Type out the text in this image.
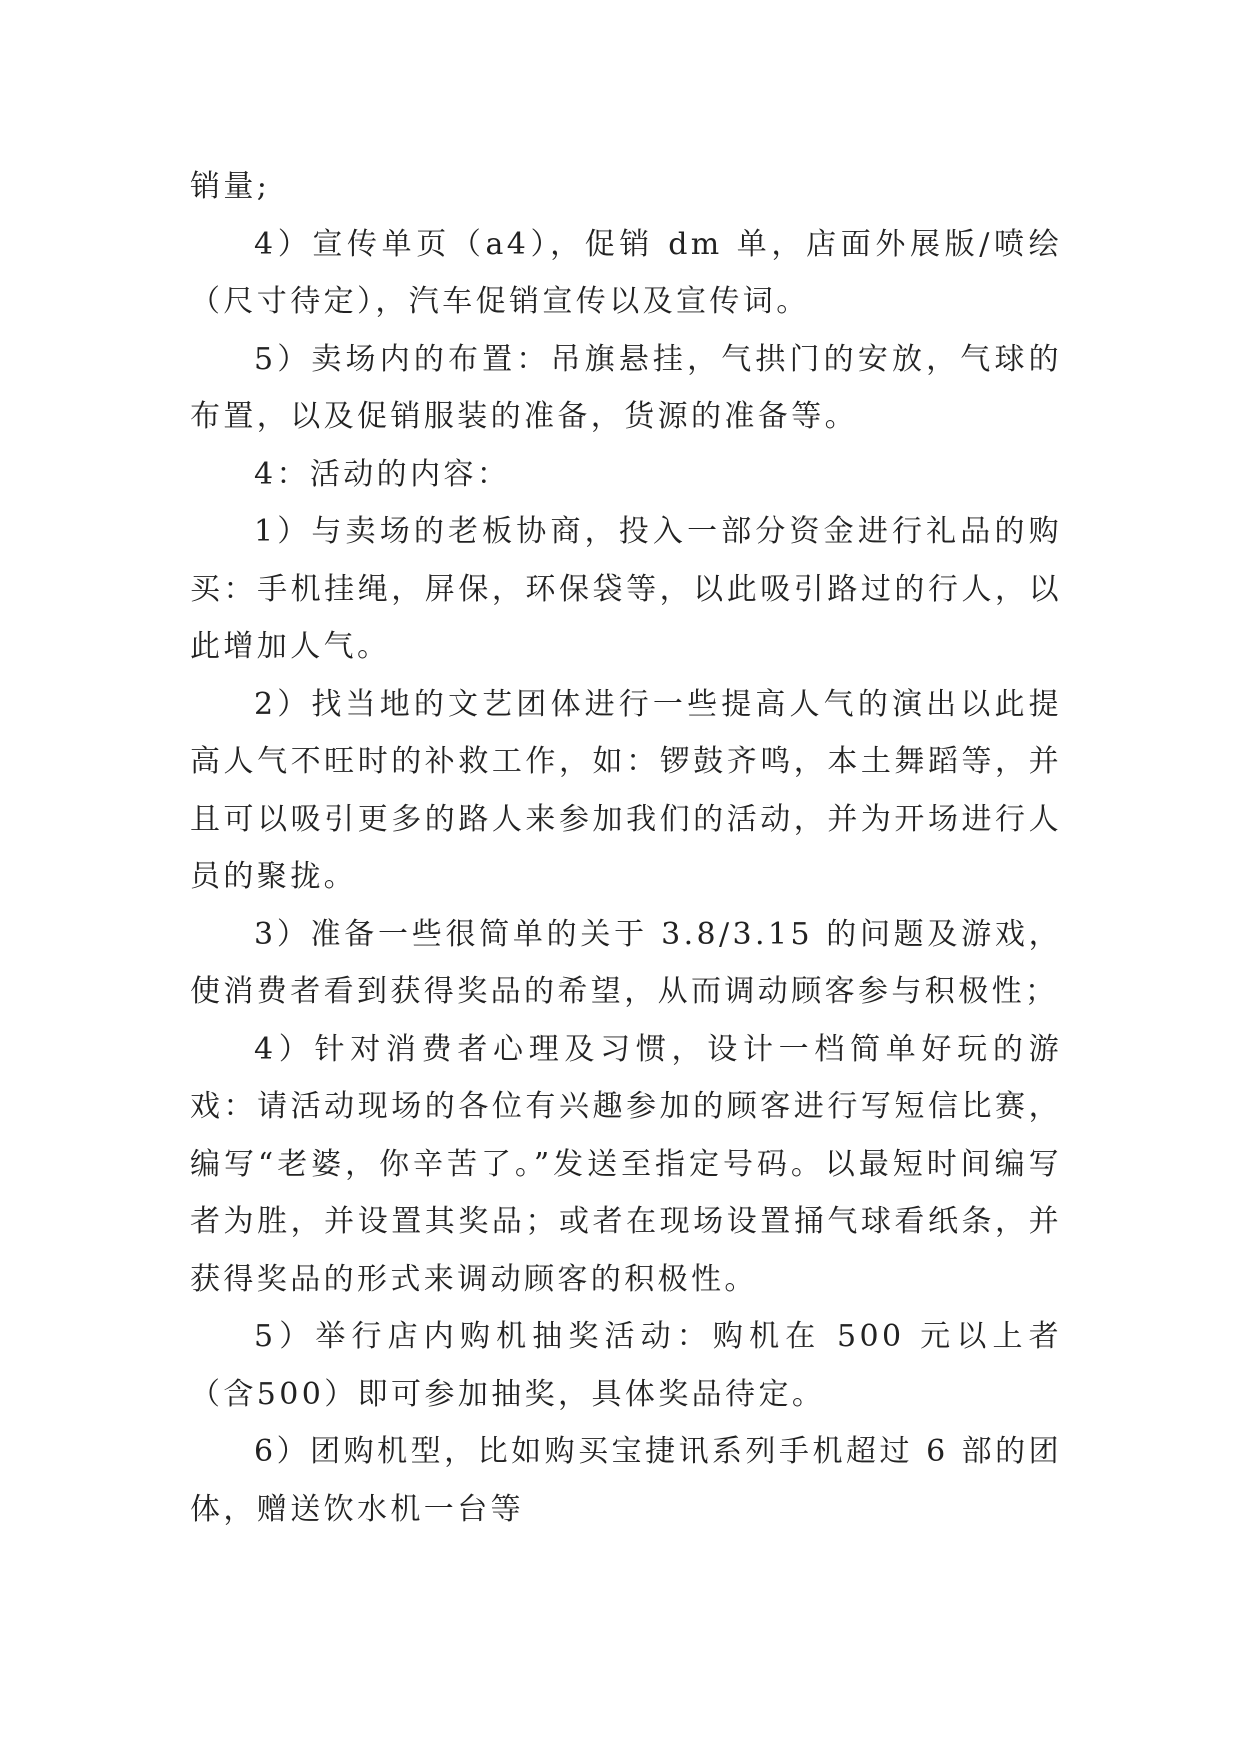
销量;

4）宣传单页（a4），促销 dm 单，店面外展版/喷绘（尺寸待定），汽车促销宣传以及宣传词。

5）卖场内的布置：吊旗悬挂，气拱门的安放，气球的布置，以及促销服装的准备，货源的准备等。

4：活动的内容：

1）与卖场的老板协商，投入一部分资金进行礼品的购买：手机挂绳，屏保，环保袋等，以此吸引路过的行人，以此增加人气。

2）找当地的文艺团体进行一些提高人气的演出以此提高人气不旺时的补救工作，如：锣鼓齐鸣，本土舞蹈等，并且可以吸引更多的路人来参加我们的活动，并为开场进行人员的聚拢。

3）准备一些很简单的关于 3.8/3.15 的问题及游戏，使消费者看到获得奖品的希望，从而调动顾客参与积极性；

4）针对消费者心理及习惯，设计一档简单好玩的游戏：请活动现场的各位有兴趣参加的顾客进行写短信比赛，编写“老婆，你辛苦了。”发送至指定号码。以最短时间编写者为胜，并设置其奖品；或者在现场设置捅气球看纸条，并获得奖品的形式来调动顾客的积极性。

5）举行店内购机抽奖活动：购机在 500 元以上者（含500）即可参加抽奖，具体奖品待定。

6）团购机型，比如购买宝捷讯系列手机超过 6 部的团体，赠送饮水机一台等
